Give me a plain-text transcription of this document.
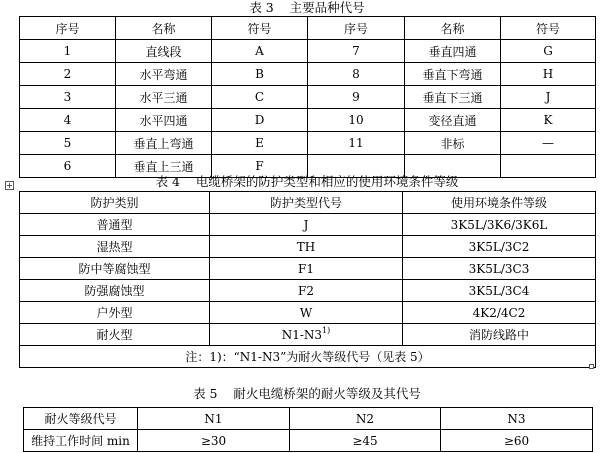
表 3    主要品种代号
序号	名称	符号	序号	名称	符号
1	直线段	A	7	垂直四通	G
2	水平弯通	B	8	垂直下弯通	H
3	水平三通	C	9	垂直下三通	J
4	水平四通	D	10	变径直通	K
5	垂直上弯通	E	11	非标	—
6	垂直上三通	F			
表 4    电缆桥架的防护类型和相应的使用环境条件等级
防护类别	防护类型代号	使用环境条件等级
普通型	J	3K5L/3K6/3K6L
湿热型	TH	3K5L/3C2
防中等腐蚀型	F1	3K5L/3C3
防强腐蚀型	F2	3K5L/3C4
户外型	W	4K2/4C2
耐火型	N1-N3$^{1)}$	消防线路中
注：1)：“N1-N3”为耐火等级代号（见表 5）		
表 5    耐火电缆桥架的耐火等级及其代号
耐火等级代号	N1	N2	N3
维持工作时间 min	≥30	≥45	≥60
